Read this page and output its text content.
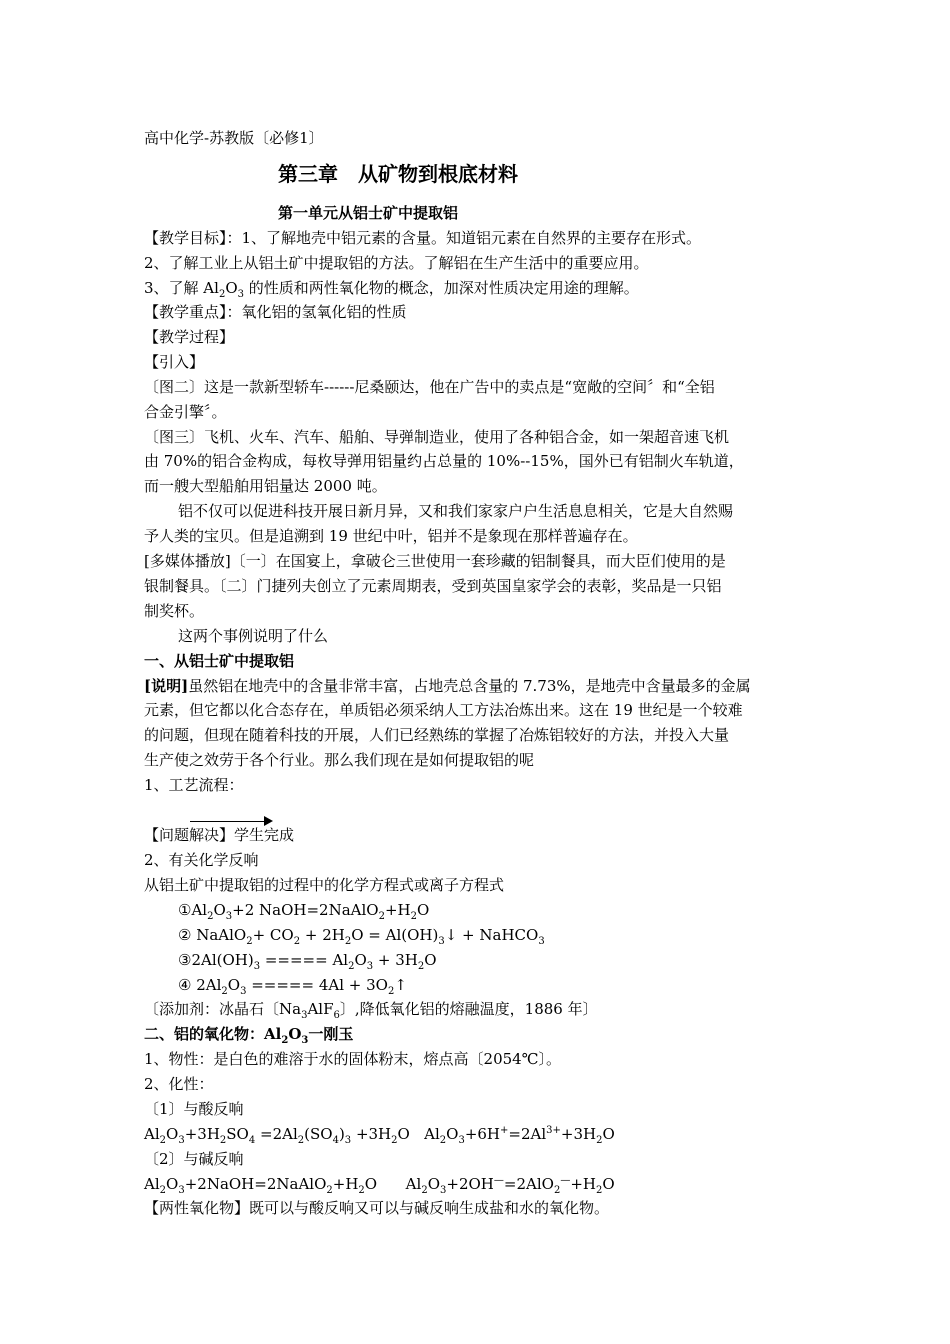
高中化学-苏教版〔必修1〕
第三章　从矿物到根底材料
第一单元从铝士矿中提取铝
【教学目标】：1、了解地壳中铝元素的含量。知道铝元素在自然界的主要存在形式。
2、了解工业上从铝土矿中提取铝的方法。了解铝在生产生活中的重要应用。
3、了解 $Al_2O_3$ 的性质和两性氧化物的概念，加深对性质决定用途的理解。
【教学重点】：氧化铝的氢氧化铝的性质
【教学过程】
【引入】
〔图二〕这是一款新型轿车------尼桑颐达，他在广告中的卖点是“宽敞的空间〞和“全铝
合金引擎〞。
〔图三〕飞机、火车、汽车、船舶、导弹制造业，使用了各种铝合金，如一架超音速飞机
由 70%的铝合金构成，每枚导弹用铝量约占总量的 10%--15%，国外已有铝制火车轨道，
而一艘大型船舶用铝量达 2000 吨。
铝不仅可以促进科技开展日新月异，又和我们家家户户生活息息相关，它是大自然赐
予人类的宝贝。但是追溯到 19 世纪中叶，铝并不是象现在那样普遍存在。
[多媒体播放]〔一〕在国宴上，拿破仑三世使用一套珍藏的铝制餐具，而大臣们使用的是
银制餐具。〔二〕门捷列夫创立了元素周期表，受到英国皇家学会的表彰，奖品是一只铝
制奖杯。
这两个事例说明了什么
一、从铝士矿中提取铝
[说明]虽然铝在地壳中的含量非常丰富，占地壳总含量的 7.73%，是地壳中含量最多的金属
元素，但它都以化合态存在，单质铝必须采纳人工方法冶炼出来。这在 19 世纪是一个较难
的问题，但现在随着科技的开展，人们已经熟练的掌握了冶炼铝较好的方法，并投入大量
生产使之效劳于各个行业。那么我们现在是如何提取铝的呢
1、工艺流程：
【问题解决】学生完成
2、有关化学反响
从铝土矿中提取铝的过程中的化学方程式或离子方程式
$①Al_2O_3+2$ $NaOH=2NaAlO_2+H_2O$
② NaAlO$_2$+ $CO_2 + 2H_2O$ = $Al(OH)_3↓$ + NaHCO$_3$
$③2Al(OH)_3$ ===== $Al_2O_3 + 3H_2O$
④ $2Al_2O_3$ ===== $4Al + 3O_2↑$
〔添加剂：冰晶石〔$Na_3AlF_6$〕,降低氧化铝的熔融温度，1886 年〕
二、铝的氧化物：$Al_2O_3$一刚玉
1、物性：是白色的难溶于水的固体粉末，熔点高〔2054℃〕。
2、化性：
〔1〕与酸反响
$Al_2O_3+3H_2SO_4 =2Al_2(SO_4)_3 +3H_2O$   $Al_2O_3+6H^+=2Al^{3+}+3H_2O$
〔2〕与碱反响
$Al_2O_3+2NaOH=2NaAlO_2+H_2O$      $Al_2O_3+2OH^—=2AlO_2^—+H_2O$
【两性氧化物】既可以与酸反响又可以与碱反响生成盐和水的氧化物。
